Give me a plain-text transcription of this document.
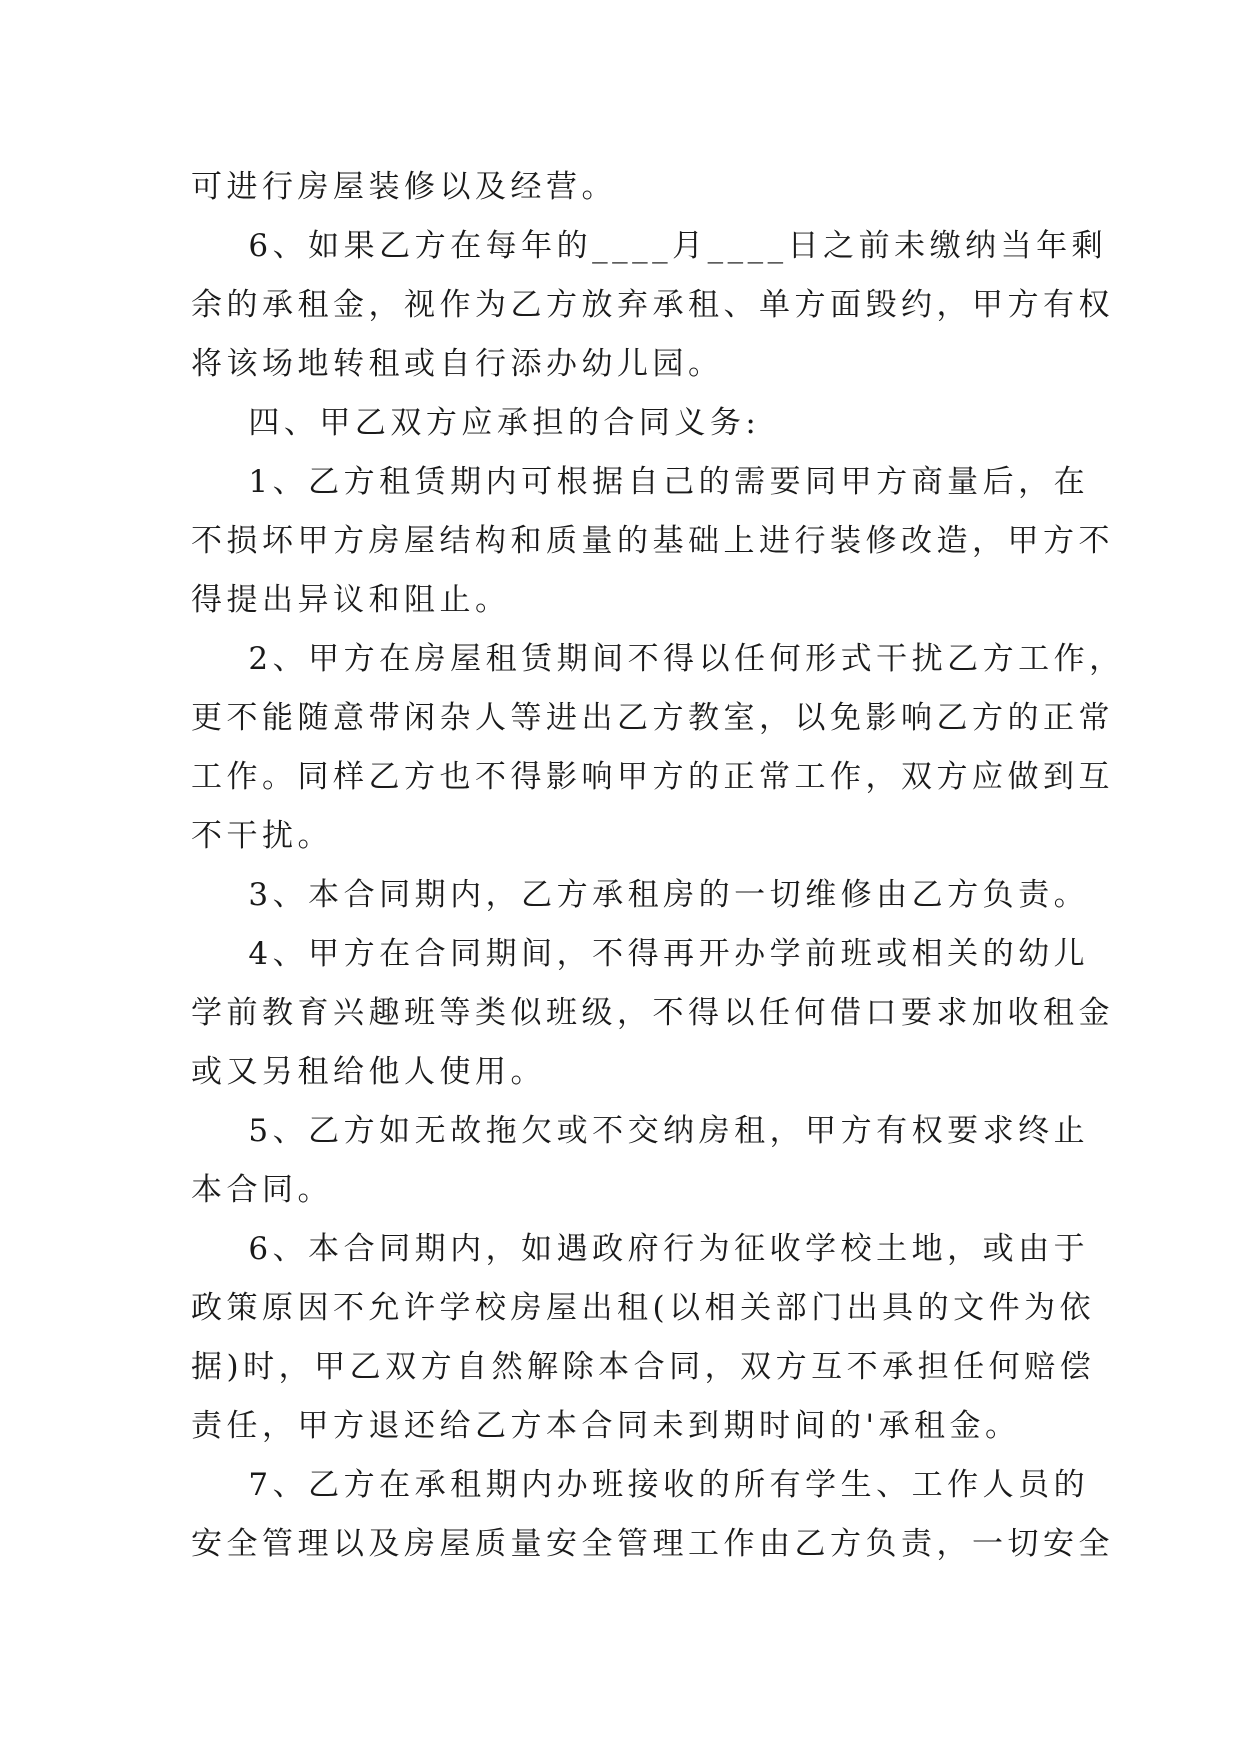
可进行房屋装修以及经营。
6、如果乙方在每年的____月____日之前未缴纳当年剩
余的承租金，视作为乙方放弃承租、单方面毁约，甲方有权
将该场地转租或自行添办幼儿园。
四、甲乙双方应承担的合同义务:
1、乙方租赁期内可根据自己的需要同甲方商量后，在
不损坏甲方房屋结构和质量的基础上进行装修改造，甲方不
得提出异议和阻止。
2、甲方在房屋租赁期间不得以任何形式干扰乙方工作，
更不能随意带闲杂人等进出乙方教室，以免影响乙方的正常
工作。同样乙方也不得影响甲方的正常工作，双方应做到互
不干扰。
3、本合同期内，乙方承租房的一切维修由乙方负责。
4、甲方在合同期间，不得再开办学前班或相关的幼儿
学前教育兴趣班等类似班级，不得以任何借口要求加收租金
或又另租给他人使用。
5、乙方如无故拖欠或不交纳房租，甲方有权要求终止
本合同。
6、本合同期内，如遇政府行为征收学校土地，或由于
政策原因不允许学校房屋出租(以相关部门出具的文件为依
据)时，甲乙双方自然解除本合同，双方互不承担任何赔偿
责任，甲方退还给乙方本合同未到期时间的'承租金。
7、乙方在承租期内办班接收的所有学生、工作人员的
安全管理以及房屋质量安全管理工作由乙方负责，一切安全
